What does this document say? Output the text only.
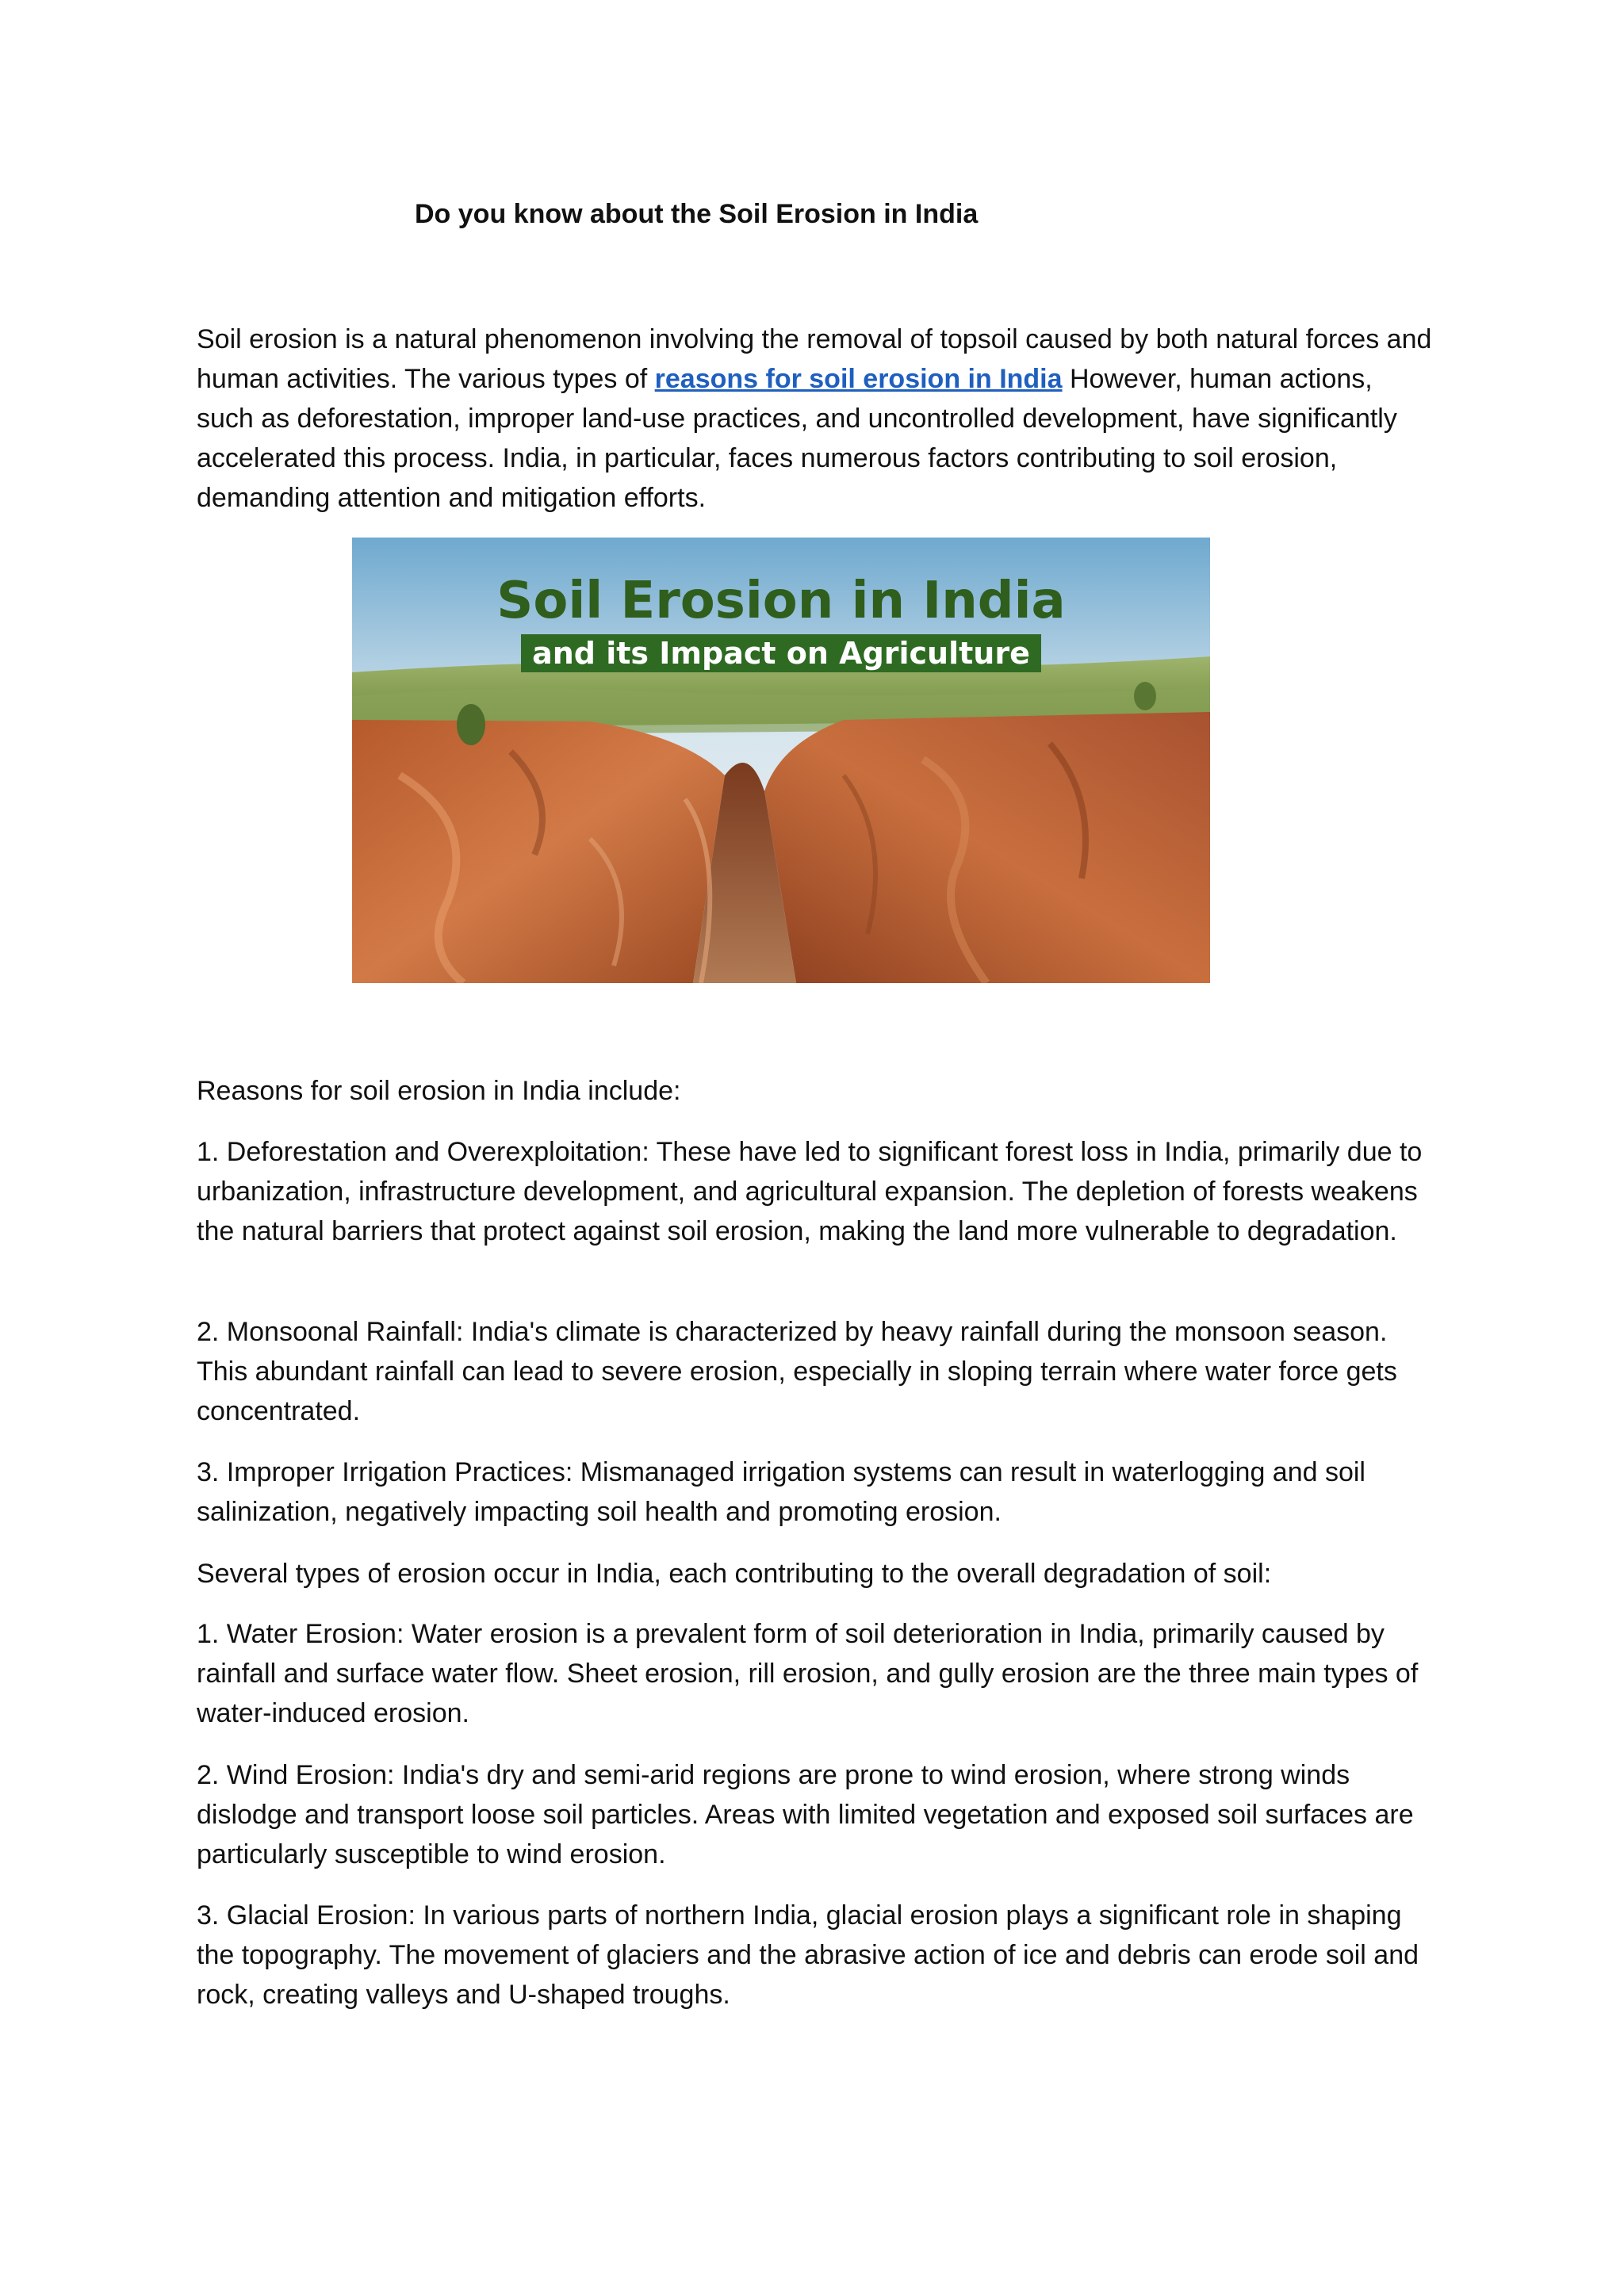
Do you know about the Soil Erosion in India

Soil erosion is a natural phenomenon involving the removal of topsoil caused by both natural forces and human activities. The various types of reasons for soil erosion in India However, human actions, such as deforestation, improper land-use practices, and uncontrolled development, have significantly accelerated this process. India, in particular, faces numerous factors contributing to soil erosion, demanding attention and mitigation efforts.

Soil Erosion in India
and its Impact on Agriculture

Reasons for soil erosion in India include:

1. Deforestation and Overexploitation: These have led to significant forest loss in India, primarily due to urbanization, infrastructure development, and agricultural expansion. The depletion of forests weakens the natural barriers that protect against soil erosion, making the land more vulnerable to degradation.

2. Monsoonal Rainfall: India's climate is characterized by heavy rainfall during the monsoon season. This abundant rainfall can lead to severe erosion, especially in sloping terrain where water force gets concentrated.

3. Improper Irrigation Practices: Mismanaged irrigation systems can result in waterlogging and soil salinization, negatively impacting soil health and promoting erosion.

Several types of erosion occur in India, each contributing to the overall degradation of soil:

1. Water Erosion: Water erosion is a prevalent form of soil deterioration in India, primarily caused by rainfall and surface water flow. Sheet erosion, rill erosion, and gully erosion are the three main types of water-induced erosion.

2. Wind Erosion: India's dry and semi-arid regions are prone to wind erosion, where strong winds dislodge and transport loose soil particles. Areas with limited vegetation and exposed soil surfaces are particularly susceptible to wind erosion.

3. Glacial Erosion: In various parts of northern India, glacial erosion plays a significant role in shaping the topography. The movement of glaciers and the abrasive action of ice and debris can erode soil and rock, creating valleys and U-shaped troughs.
